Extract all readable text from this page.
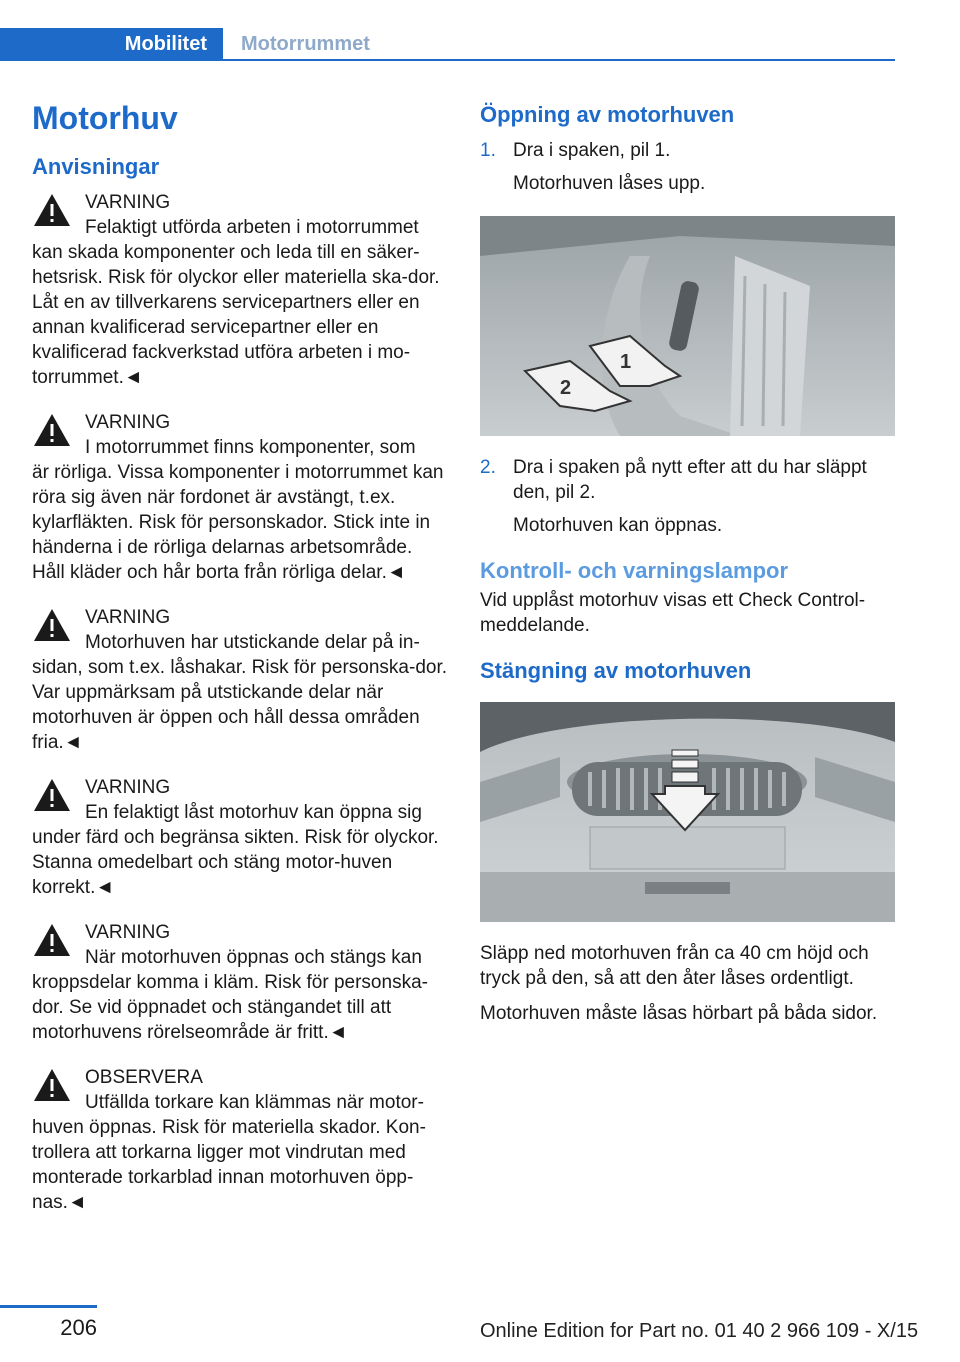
Mobilitet	Motorrummet
Motorhuv
Anvisningar
VARNING
Felaktigt utförda arbeten i motorrummet
kan skada komponenter och leda till en säker-hetsrisk. Risk för olyckor eller materiella ska-dor. Låt en av tillverkarens servicepartners eller en annan kvalificerad servicepartner eller en kvalificerad fackverkstad utföra arbeten i mo-torrummet.◄
VARNING
I motorrummet finns komponenter, som
är rörliga. Vissa komponenter i motorrummet kan röra sig även när fordonet är avstängt, t.ex. kylarfläkten. Risk för personskador. Stick inte in händerna i de rörliga delarnas arbetsområde. Håll kläder och hår borta från rörliga delar.◄
VARNING
Motorhuven har utstickande delar på in-
sidan, som t.ex. låshakar. Risk för personska-dor. Var uppmärksam på utstickande delar när motorhuven är öppen och håll dessa områden fria.◄
VARNING
En felaktigt låst motorhuv kan öppna sig
under färd och begränsa sikten. Risk för olyckor. Stanna omedelbart och stäng motor-huven korrekt.◄
VARNING
När motorhuven öppnas och stängs kan
kroppsdelar komma i kläm. Risk för personska-dor. Se vid öppnadet och stängandet till att motorhuvens rörelseområde är fritt.◄
OBSERVERA
Utfällda torkare kan klämmas när motor-
huven öppnas. Risk för materiella skador. Kon-trollera att torkarna ligger mot vindrutan med monterade torkarblad innan motorhuven öpp-nas.◄
Öppning av motorhuven
1. Dra i spaken, pil 1.
Motorhuven låses upp.
1
2
2. Dra i spaken på nytt efter att du har släppt den, pil 2.
Motorhuven kan öppnas.
Kontroll- och varningslampor

Vid upplåst motorhuv visas ett Check Control-meddelande.

Stängning av motorhuven

Släpp ned motorhuven från ca 40 cm höjd och tryck på den, så att den åter låses ordentligt.

Motorhuven måste låsas hörbart på båda sidor.

206	Online Edition for Part no. 01 40 2 966 109 - X/15
